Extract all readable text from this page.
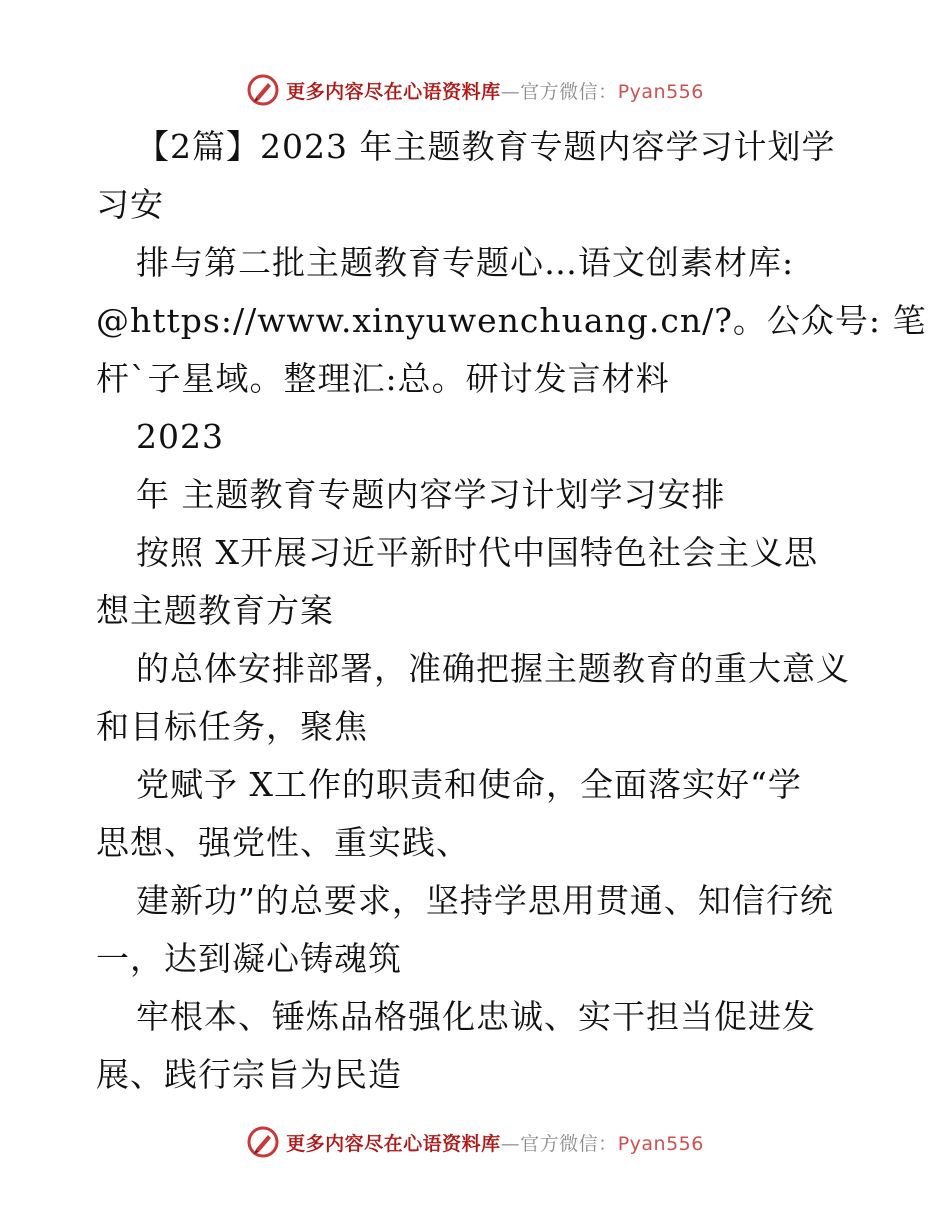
更多内容尽在心语资料库—官方微信：Pyan556
【2篇】2023 年主题教育专题内容学习计划学
习安
排与第二批主题教育专题心…语文创素材库:
@https://www.xinyuwenchuang.cn/?。公众号: 笔
杆`子星域。整理汇:总。研讨发言材料
2023
年 主题教育专题内容学习计划学习安排
按照 X开展习近平新时代中国特色社会主义思
想主题教育方案
的总体安排部署，准确把握主题教育的重大意义
和目标任务，聚焦
党赋予 X工作的职责和使命，全面落实好“学
思想、强党性、重实践、
建新功”的总要求，坚持学思用贯通、知信行统
一，达到凝心铸魂筑
牢根本、锤炼品格强化忠诚、实干担当促进发
展、践行宗旨为民造
更多内容尽在心语资料库—官方微信：Pyan556
